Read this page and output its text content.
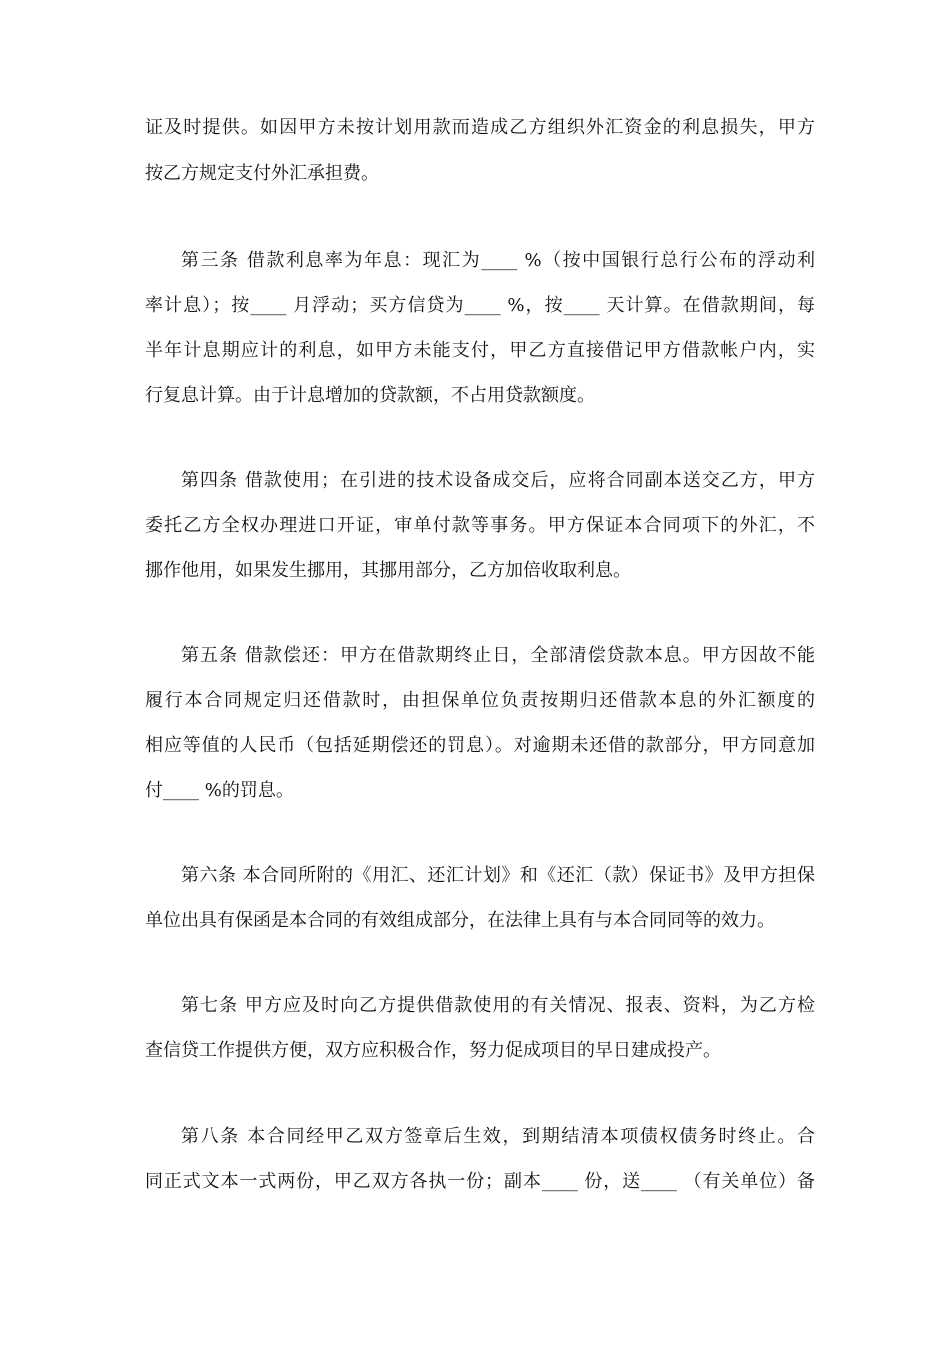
证及时提供。如因甲方未按计划用款而造成乙方组织外汇资金的利息损失，甲方
按乙方规定支付外汇承担费。
第三条 借款利息率为年息：现汇为____ %（按中国银行总行公布的浮动利
率计息）；按____ 月浮动；买方信贷为____ %，按____ 天计算。在借款期间，每
半年计息期应计的利息，如甲方未能支付，甲乙方直接借记甲方借款帐户内，实
行复息计算。由于计息增加的贷款额，不占用贷款额度。
第四条 借款使用；在引进的技术设备成交后，应将合同副本送交乙方，甲方
委托乙方全权办理进口开证，审单付款等事务。甲方保证本合同项下的外汇，不
挪作他用，如果发生挪用，其挪用部分，乙方加倍收取利息。
第五条 借款偿还：甲方在借款期终止日，全部清偿贷款本息。甲方因故不能
履行本合同规定归还借款时，由担保单位负责按期归还借款本息的外汇额度的
相应等值的人民币（包括延期偿还的罚息）。对逾期未还借的款部分，甲方同意加
付____ %的罚息。
第六条 本合同所附的《用汇、还汇计划》和《还汇（款）保证书》及甲方担保
单位出具有保函是本合同的有效组成部分，在法律上具有与本合同同等的效力。
第七条 甲方应及时向乙方提供借款使用的有关情况、报表、资料，为乙方检
查信贷工作提供方便，双方应积极合作，努力促成项目的早日建成投产。
第八条 本合同经甲乙双方签章后生效，到期结清本项债权债务时终止。合
同正式文本一式两份，甲乙双方各执一份；副本____ 份，送____ （有关单位）备
